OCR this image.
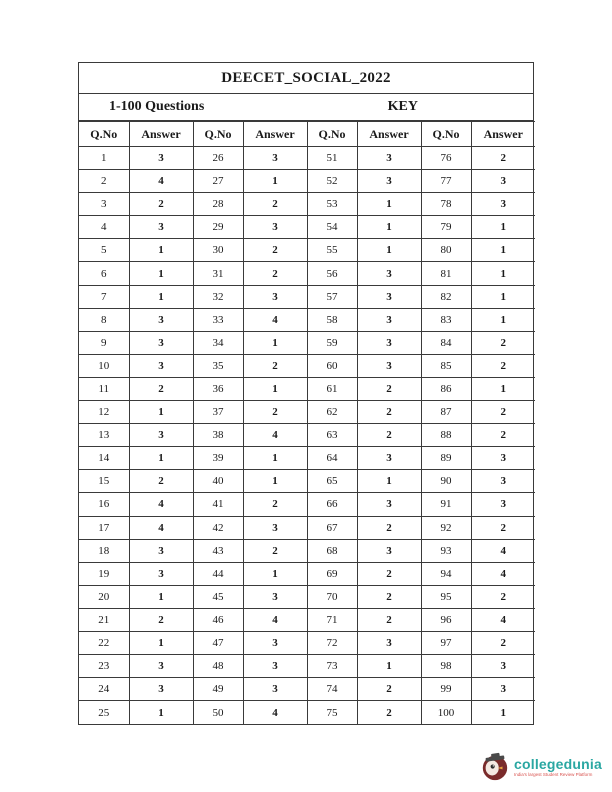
DEECET_SOCIAL_2022
1-100 Questions	KEY
Q.No	Answer	Q.No	Answer	Q.No	Answer	Q.No	Answer
1	3	26	3	51	3	76	2
2	4	27	1	52	3	77	3
3	2	28	2	53	1	78	3
4	3	29	3	54	1	79	1
5	1	30	2	55	1	80	1
6	1	31	2	56	3	81	1
7	1	32	3	57	3	82	1
8	3	33	4	58	3	83	1
9	3	34	1	59	3	84	2
10	3	35	2	60	3	85	2
11	2	36	1	61	2	86	1
12	1	37	2	62	2	87	2
13	3	38	4	63	2	88	2
14	1	39	1	64	3	89	3
15	2	40	1	65	1	90	3
16	4	41	2	66	3	91	3
17	4	42	3	67	2	92	2
18	3	43	2	68	3	93	4
19	3	44	1	69	2	94	4
20	1	45	3	70	2	95	2
21	2	46	4	71	2	96	4
22	1	47	3	72	3	97	2
23	3	48	3	73	1	98	3
24	3	49	3	74	2	99	3
25	1	50	4	75	2	100	1
collegedunia
India's largest Student Review Platform
